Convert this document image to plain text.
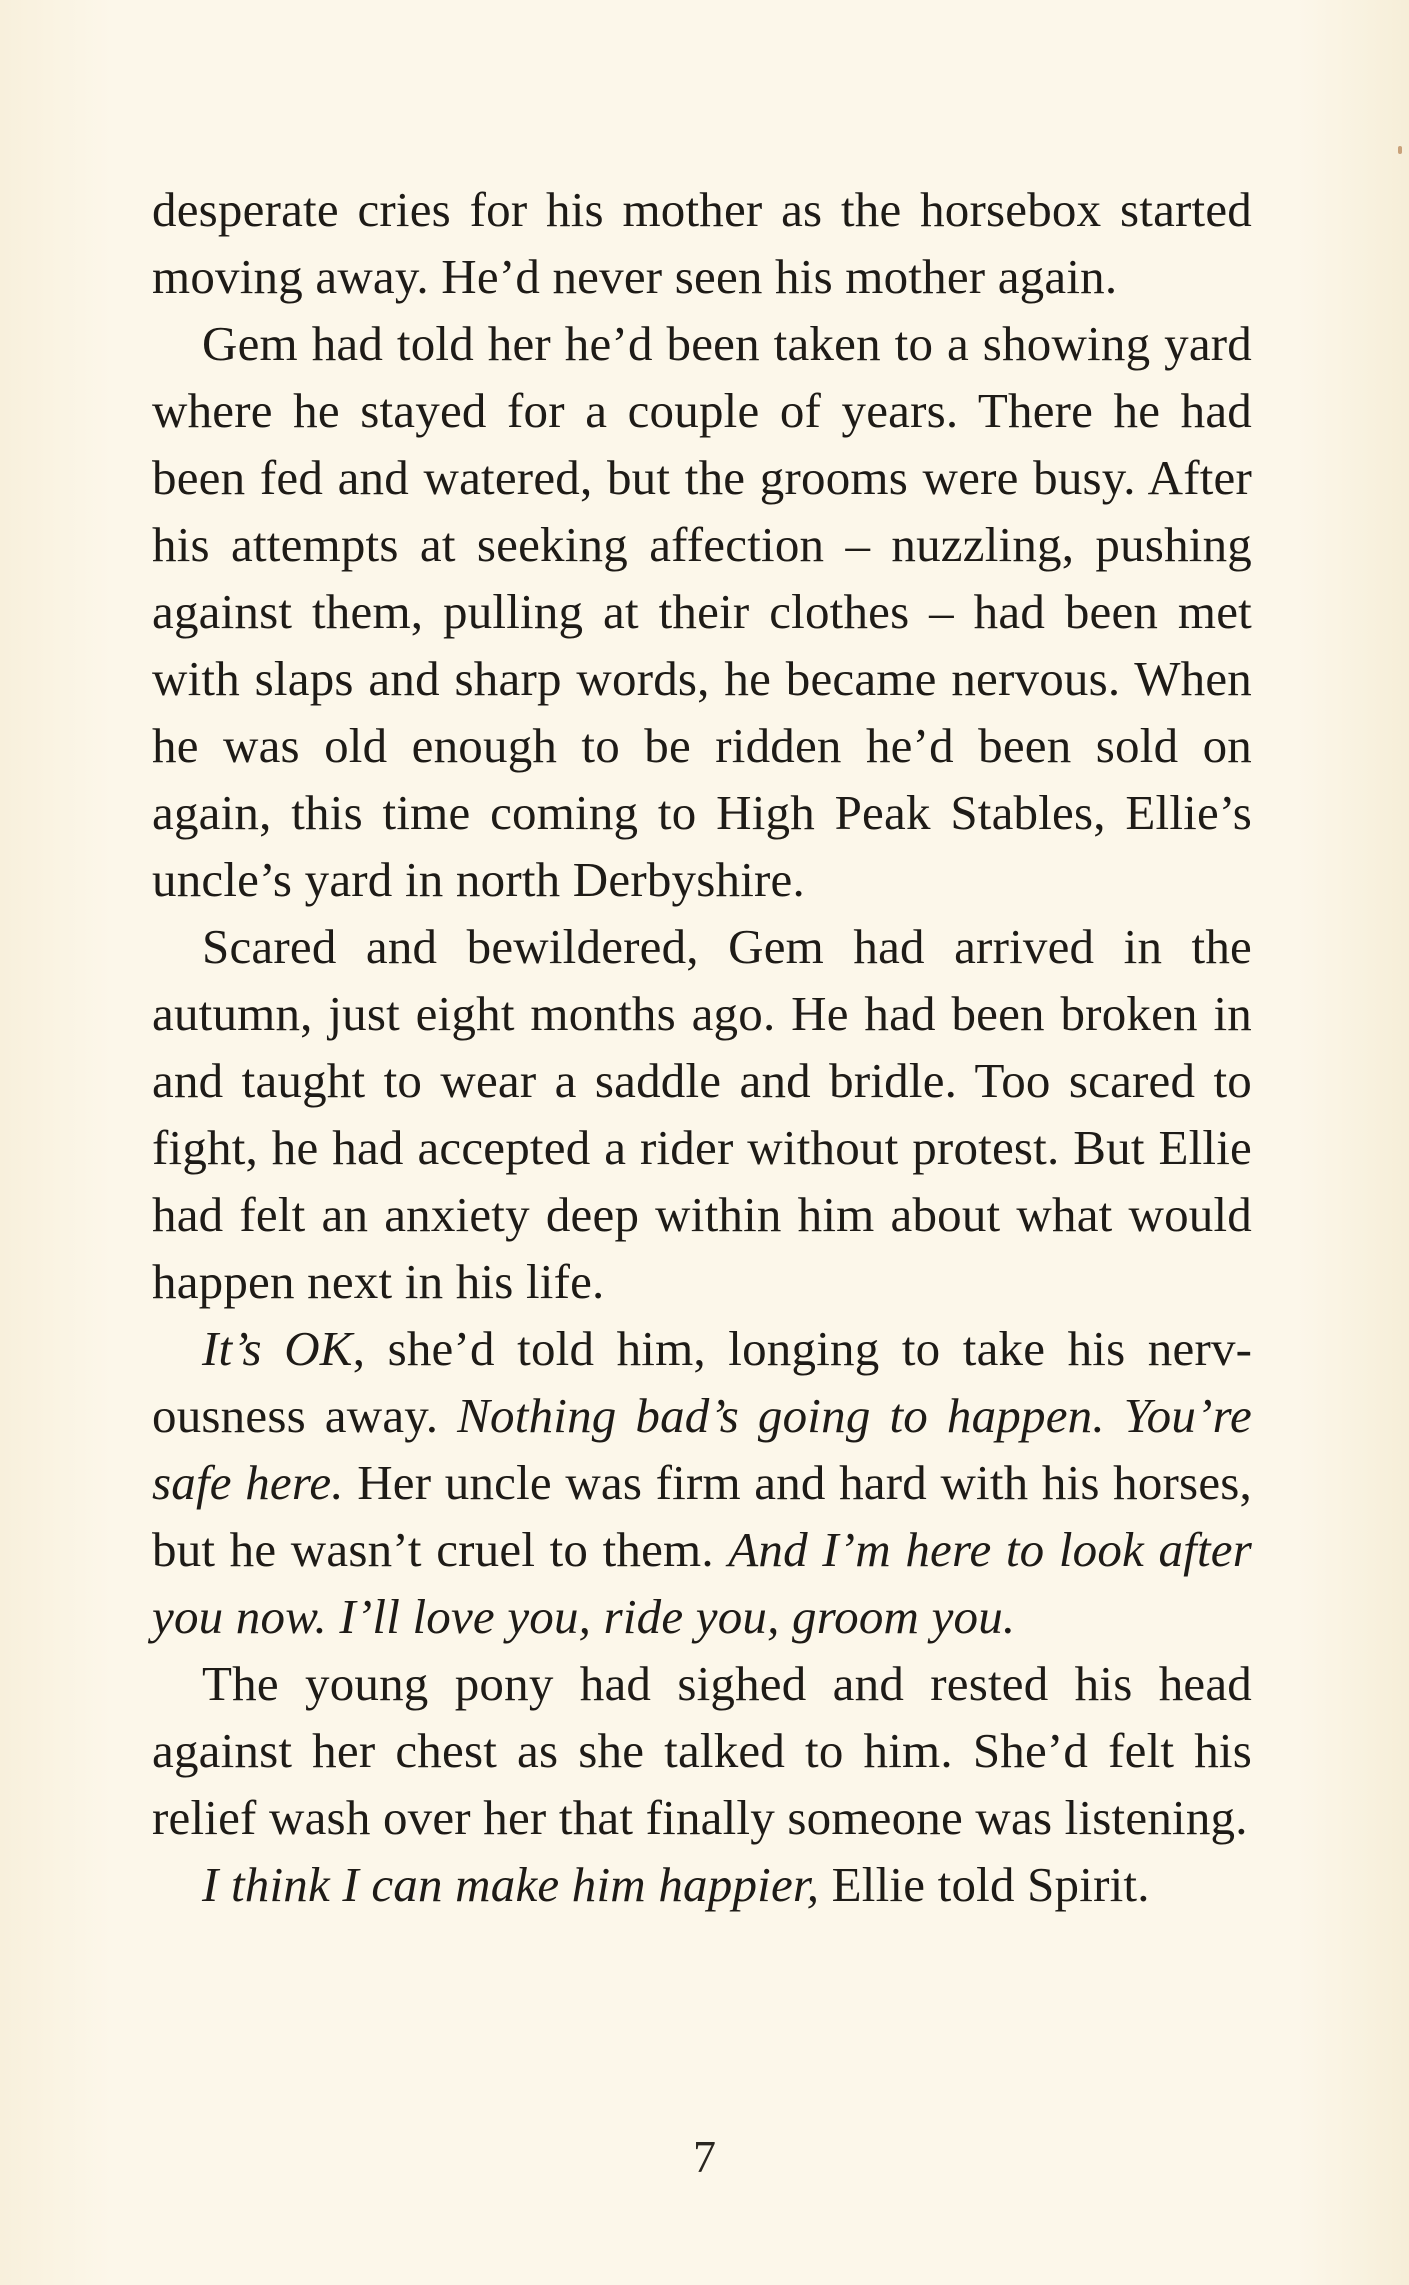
desperate cries for his mother as the horsebox started moving away. He’d never seen his mother again.

Gem had told her he’d been taken to a showing yard where he stayed for a couple of years. There he had been fed and watered, but the grooms were busy. After his attempts at seeking affection – nuzzling, pushing against them, pulling at their clothes – had been met with slaps and sharp words, he became nervous. When he was old enough to be ridden he’d been sold on again, this time coming to High Peak Stables, Ellie’s uncle’s yard in north Derbyshire.

Scared and bewildered, Gem had arrived in the autumn, just eight months ago. He had been broken in and taught to wear a saddle and bridle. Too scared to fight, he had accepted a rider without protest. But Ellie had felt an anxiety deep within him about what would happen next in his life.

It’s OK, she’d told him, longing to take his nervousness away. Nothing bad’s going to happen. You’re safe here. Her uncle was firm and hard with his horses, but he wasn’t cruel to them. And I’m here to look after you now. I’ll love you, ride you, groom you.

The young pony had sighed and rested his head against her chest as she talked to him. She’d felt his relief wash over her that finally someone was listening.

I think I can make him happier, Ellie told Spirit.

7
